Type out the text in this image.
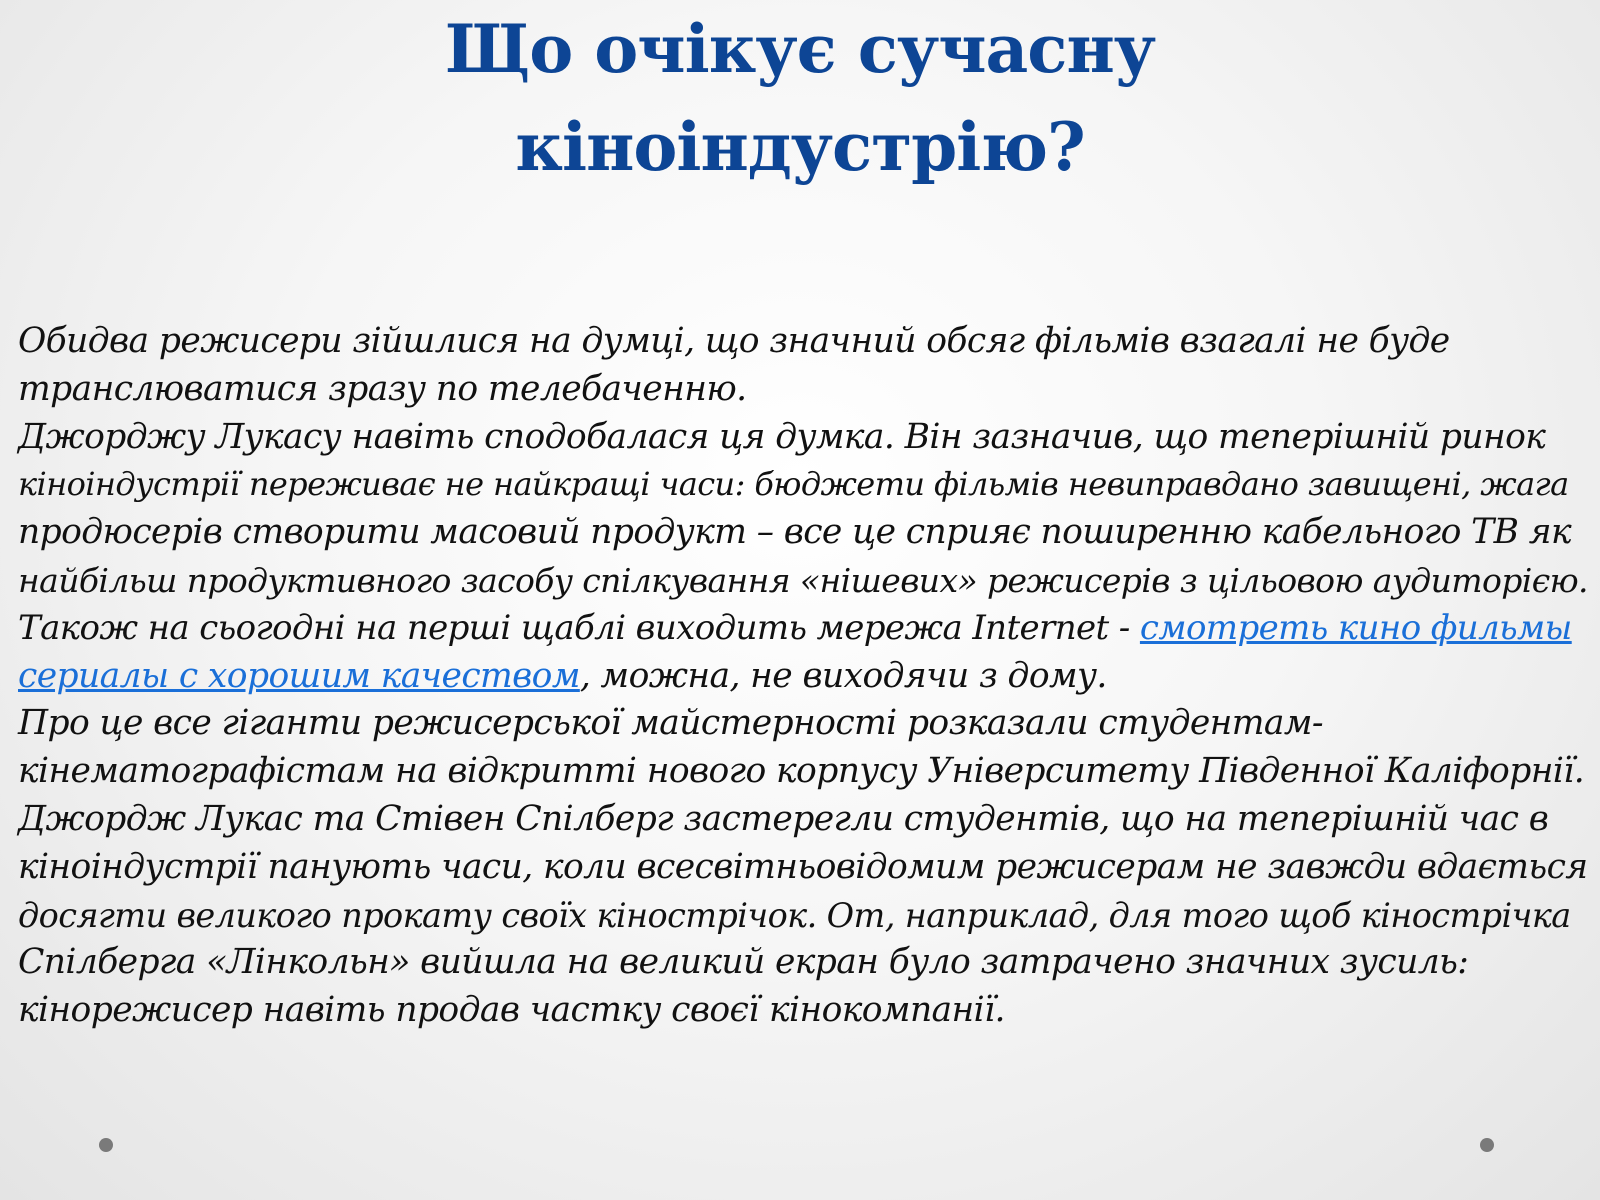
Що очікує сучасну
кіноіндустрію?
Обидва режисери зійшлися на думці, що значний обсяг фільмів взагалі не буде
транслюватися зразу по телебаченню.
Джорджу Лукасу навіть сподобалася ця думка. Він зазначив, що теперішній ринок
кіноіндустрії переживає не найкращі часи: бюджети фільмів невиправдано завищені, жага
продюсерів створити масовий продукт – все це сприяє поширенню кабельного ТВ як
найбільш продуктивного засобу спілкування «нішевих» режисерів з цільовою аудиторією.
Також на сьогодні на перші щаблі виходить мережа Internet - смотреть кино фильмы
сериалы с хорошим качеством, можна, не виходячи з дому.
Про це все гіганти режисерської майстерності розказали студентам-
кінематографістам на відкритті нового корпусу Університету Південної Каліфорнії.
Джордж Лукас та Стівен Спілберг застерегли студентів, що на теперішній час в
кіноіндустрії панують часи, коли всесвітньовідомим режисерам не завжди вдається
досягти великого прокату своїх кінострічок. От, наприклад, для того щоб кінострічка
Спілберга «Лінкольн» вийшла на великий екран було затрачено значних зусиль:
кінорежисер навіть продав частку своєї кінокомпанії.
